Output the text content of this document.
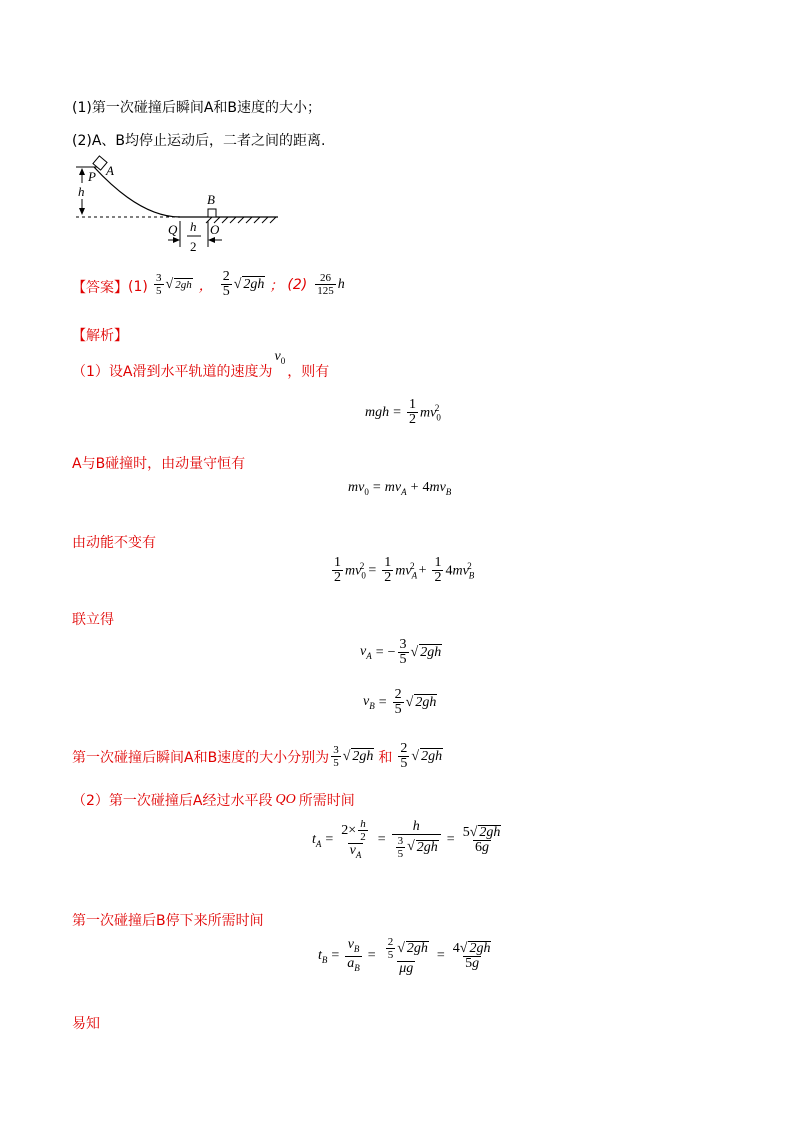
(1)第一次碰撞后瞬间A和B速度的大小；
(2)A、B均停止运动后，二者之间的距离.
h
P A
B
Q	O
h
2
【答案】 $(1) \frac{3}{5}$ √ 2gh ， $\frac{2}{5}$ √ 2gh ； $(2) \frac{26}{125}$ h
【解析】
（1）设A滑到水平轨道的速度为
$v_0$
，则有
mgh = $\frac{1}{2} mv_0^2$
A与B碰撞时，由动量守恒有
$mv_0 = mv_A + 4mv_B$
由动能不变有
$\frac{1}{2} mv_0^2 = \frac{1}{2} mv_A^2 + \frac{1}{2} 4mv_B^2$
联立得
$v_A$ = − $\frac{3}{5}$ √ 2gh
$v_B = \frac{2}{5}$ √ 2gh
第一次碰撞后瞬间A和B速度的大小分别为 $\frac{3}{5}$ √ 2gh 和 $\frac{2}{5}$ √ 2gh
（2）第一次碰撞后A经过水平段 QO 所需时间
$t_A = \frac{2\times \frac{h}{2}}{v_A} = \frac{h}{\frac{3}{5} √ 2gh} = \frac{5√ 2gh}{6g}$
第一次碰撞后B停下来所需时间
$t_B = \frac{v_B}{a_B} = \frac{\frac{2}{5} √ 2gh}{\mu g} = \frac{4√ 2gh}{5g}$
易知
